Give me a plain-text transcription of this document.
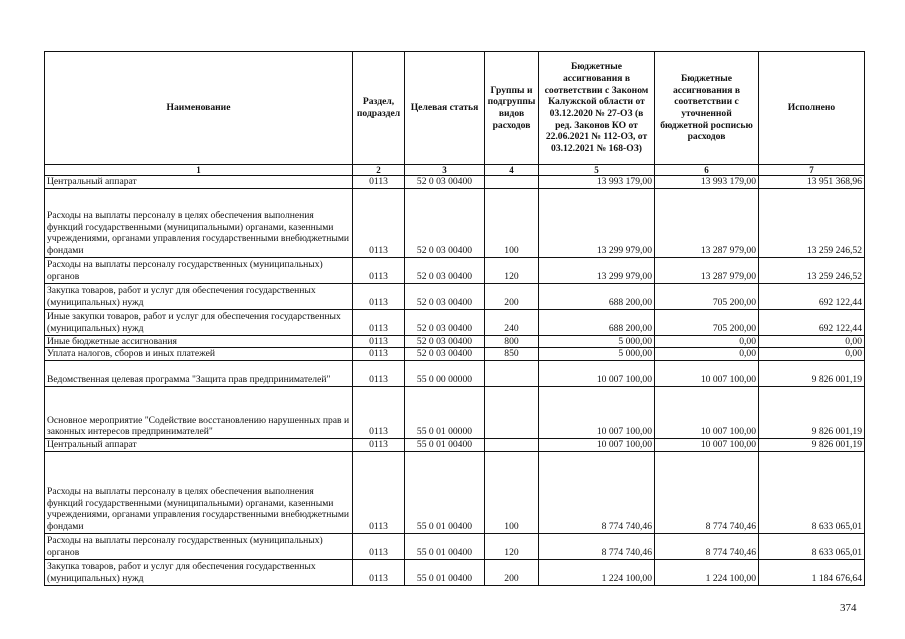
Наименование	Раздел, подраздел	Целевая статья	Группы и подгруппы видов расходов	Бюджетные ассигнования в соответствии с Законом Калужской области от 03.12.2020 № 27-ОЗ (в ред. Законов КО от 22.06.2021 № 112-ОЗ, от 03.12.2021 № 168-ОЗ)	Бюджетные ассигнования в соответствии с уточненной бюджетной росписью расходов	Исполнено
1	2	3	4	5	6	7
Центральный аппарат	0113	52 0 03 00400		13 993 179,00	13 993 179,00	13 951 368,96
Расходы на выплаты персоналу в целях обеспечения выполнения функций государственными (муниципальными) органами, казенными учреждениями, органами управления государственными внебюджетными фондами	0113	52 0 03 00400	100	13 299 979,00	13 287 979,00	13 259 246,52
Расходы на выплаты персоналу государственных (муниципальных) органов	0113	52 0 03 00400	120	13 299 979,00	13 287 979,00	13 259 246,52
Закупка товаров, работ и услуг для обеспечения государственных (муниципальных) нужд	0113	52 0 03 00400	200	688 200,00	705 200,00	692 122,44
Иные закупки товаров, работ и услуг для обеспечения государственных (муниципальных) нужд	0113	52 0 03 00400	240	688 200,00	705 200,00	692 122,44
Иные бюджетные ассигнования	0113	52 0 03 00400	800	5 000,00	0,00	0,00
Уплата налогов, сборов и иных платежей	0113	52 0 03 00400	850	5 000,00	0,00	0,00
Ведомственная целевая программа "Защита прав предпринимателей"	0113	55 0 00 00000		10 007 100,00	10 007 100,00	9 826 001,19
Основное мероприятие "Содействие восстановлению нарушенных прав и законных интересов предпринимателей"	0113	55 0 01 00000		10 007 100,00	10 007 100,00	9 826 001,19
Центральный аппарат	0113	55 0 01 00400		10 007 100,00	10 007 100,00	9 826 001,19
Расходы на выплаты персоналу в целях обеспечения выполнения функций государственными (муниципальными) органами, казенными учреждениями, органами управления государственными внебюджетными фондами	0113	55 0 01 00400	100	8 774 740,46	8 774 740,46	8 633 065,01
Расходы на выплаты персоналу государственных (муниципальных) органов	0113	55 0 01 00400	120	8 774 740,46	8 774 740,46	8 633 065,01
Закупка товаров, работ и услуг для обеспечения государственных (муниципальных) нужд	0113	55 0 01 00400	200	1 224 100,00	1 224 100,00	1 184 676,64
374
